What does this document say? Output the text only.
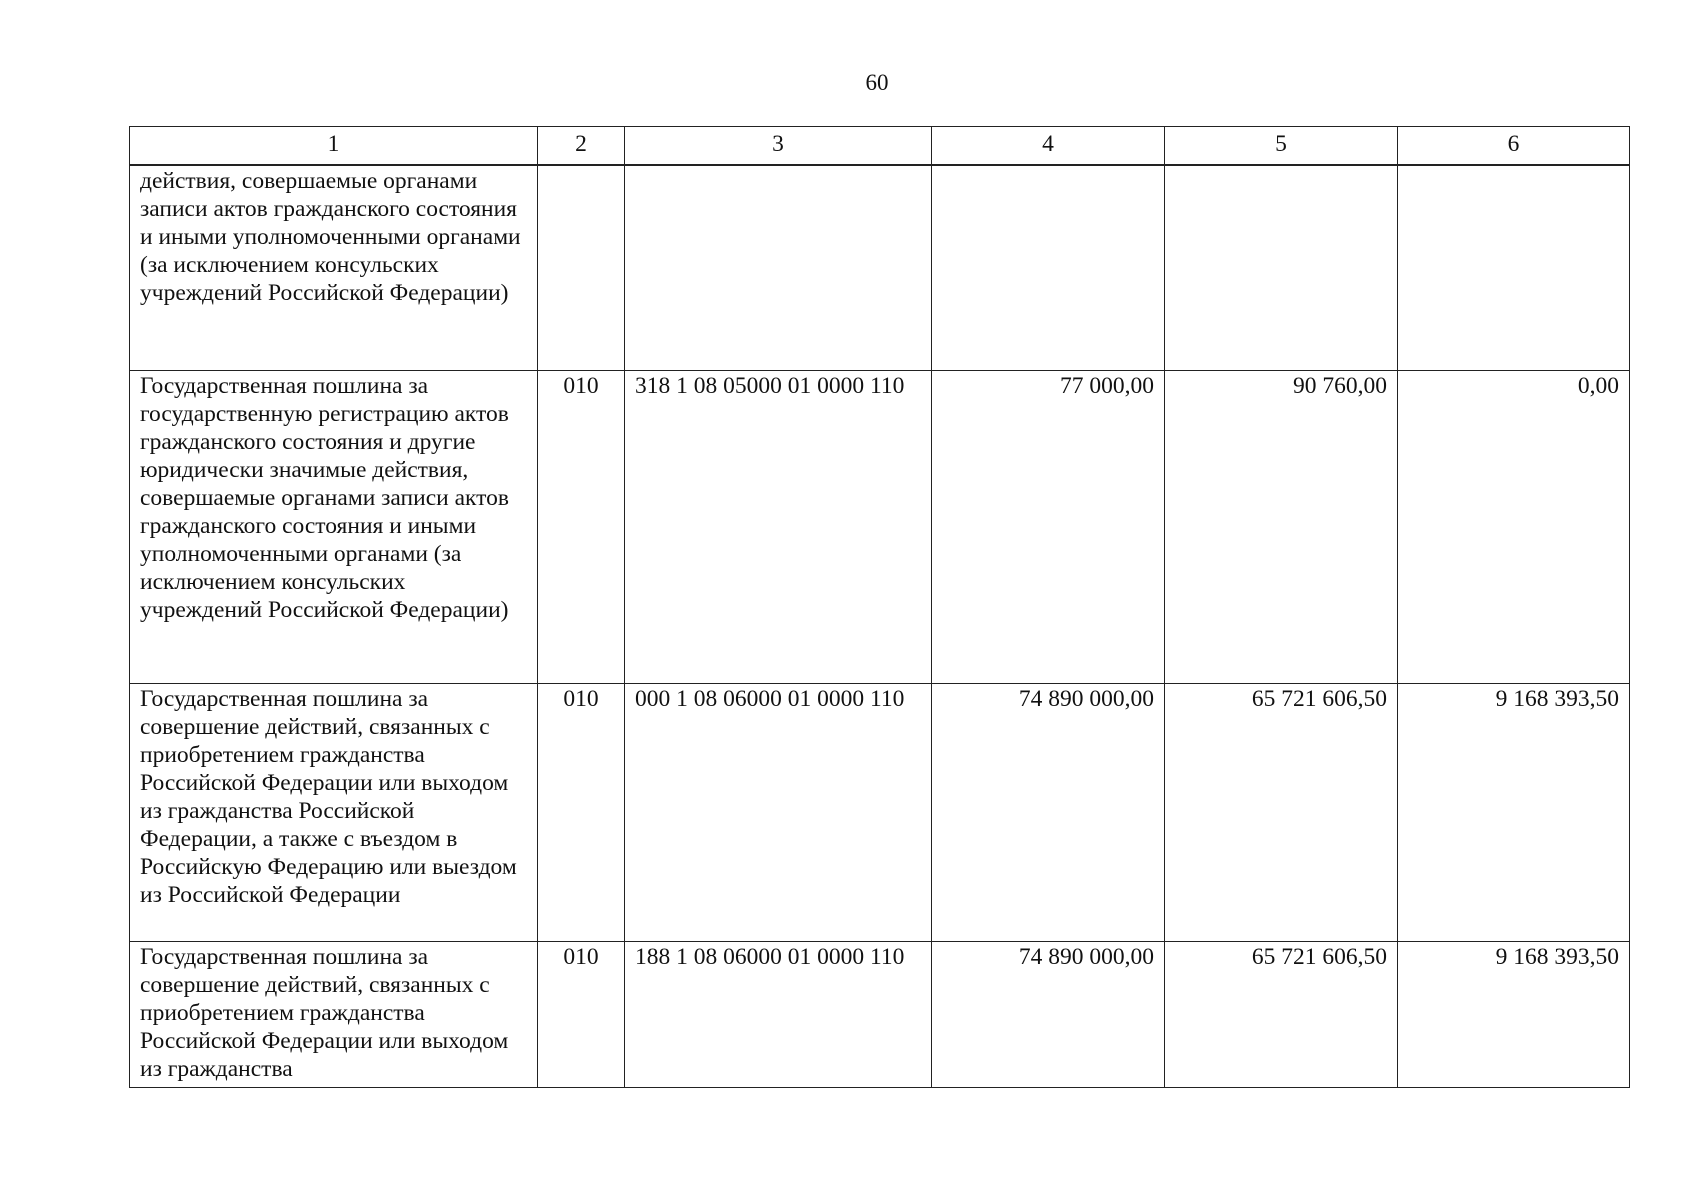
60
1	2	3	4	5	6
действия, совершаемые органами записи актов гражданского состояния и иными уполномоченными органами (за исключением консульских учреждений Российской Федерации)					
Государственная пошлина за государственную регистрацию актов гражданского состояния и другие юридически значимые действия, совершаемые органами записи актов гражданского состояния и иными уполномоченными органами (за исключением консульских учреждений Российской Федерации)	010	318 1 08 05000 01 0000 110	77 000,00	90 760,00	0,00
Государственная пошлина за совершение действий, связанных с приобретением гражданства Российской Федерации или выходом из гражданства Российской Федерации, а также с въездом в Российскую Федерацию или выездом из Российской Федерации	010	000 1 08 06000 01 0000 110	74 890 000,00	65 721 606,50	9 168 393,50
Государственная пошлина за совершение действий, связанных с приобретением гражданства Российской Федерации или выходом из гражданства	010	188 1 08 06000 01 0000 110	74 890 000,00	65 721 606,50	9 168 393,50
